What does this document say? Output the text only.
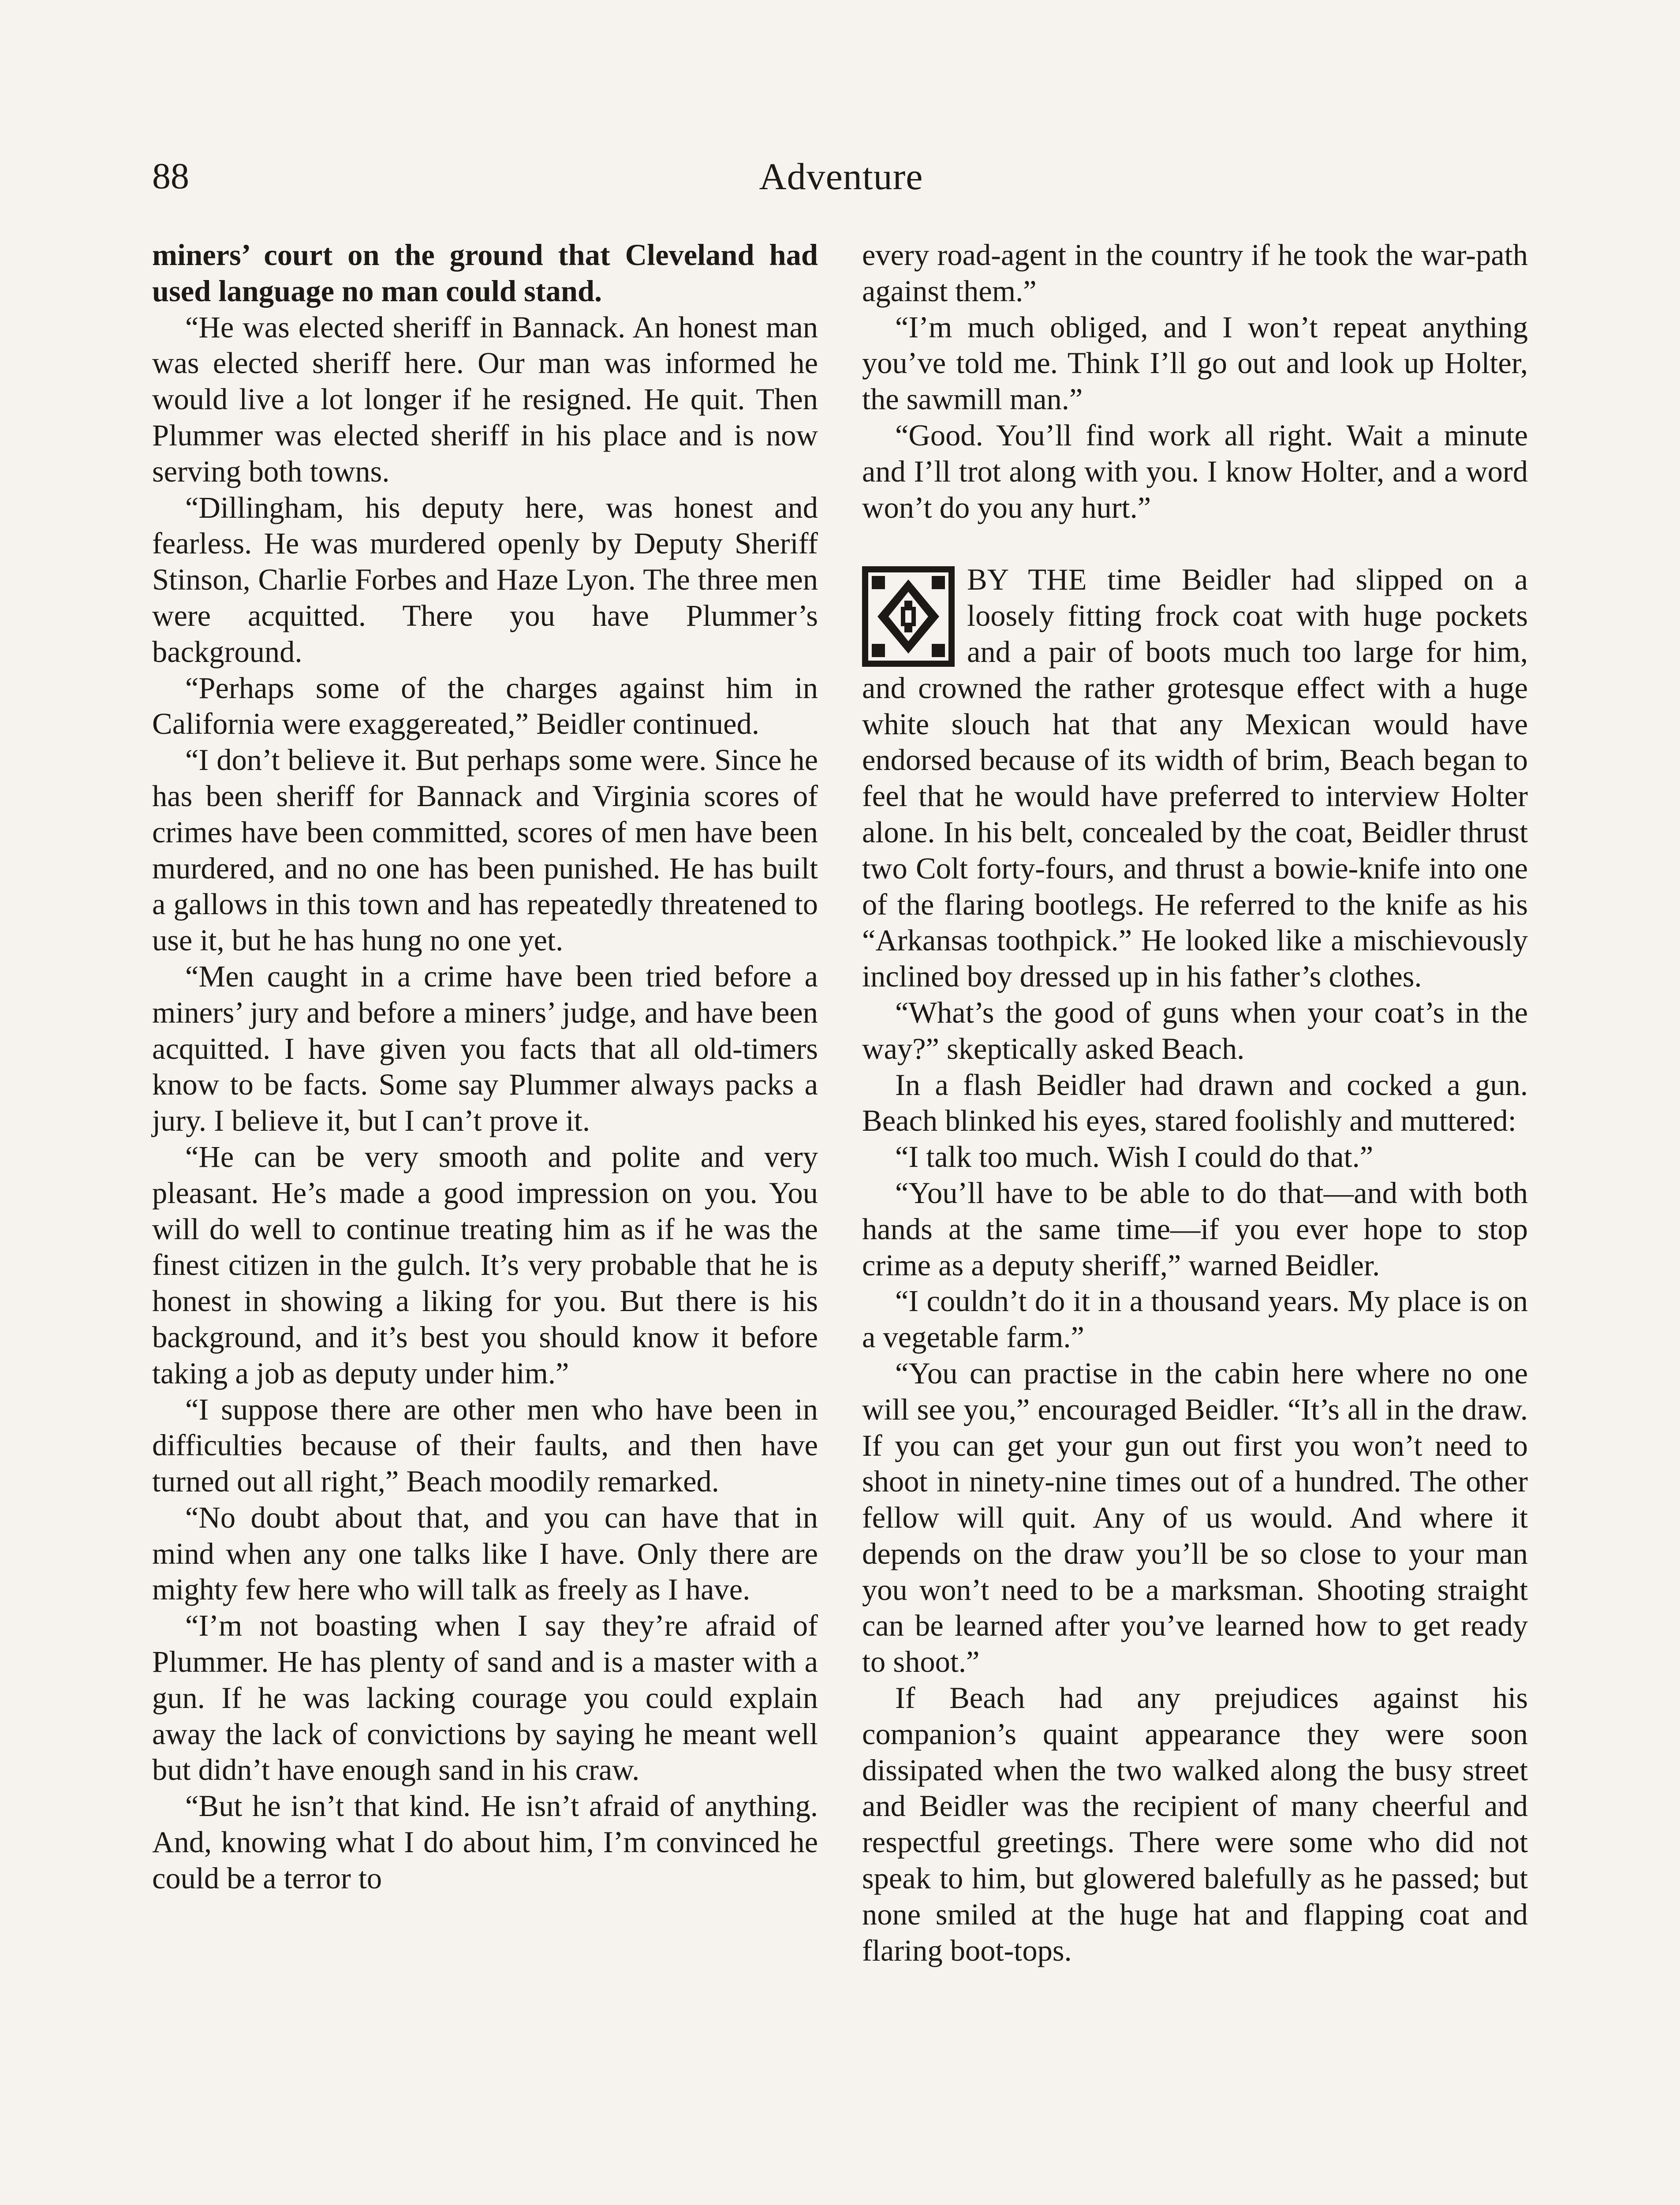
88	Adventure

miners’ court on the ground that Cleveland had used language no man could stand.

“He was elected sheriff in Bannack. An honest man was elected sheriff here. Our man was informed he would live a lot longer if he resigned. He quit. Then Plummer was elected sheriff in his place and is now serving both towns.

“Dillingham, his deputy here, was honest and fearless. He was murdered openly by Deputy Sheriff Stinson, Charlie Forbes and Haze Lyon. The three men were acquitted. There you have Plummer’s background.

“Perhaps some of the charges against him in California were exaggereated,” Beidler continued.

“I don’t believe it. But perhaps some were. Since he has been sheriff for Bannack and Virginia scores of crimes have been committed, scores of men have been murdered, and no one has been punished. He has built a gallows in this town and has repeatedly threatened to use it, but he has hung no one yet.

“Men caught in a crime have been tried before a miners’ jury and before a miners’ judge, and have been acquitted. I have given you facts that all old-timers know to be facts. Some say Plummer always packs a jury. I believe it, but I can’t prove it.

“He can be very smooth and polite and very pleasant. He’s made a good impression on you. You will do well to continue treating him as if he was the finest citizen in the gulch. It’s very probable that he is honest in showing a liking for you. But there is his background, and it’s best you should know it before taking a job as deputy under him.”

“I suppose there are other men who have been in difficulties because of their faults, and then have turned out all right,” Beach moodily remarked.

“No doubt about that, and you can have that in mind when any one talks like I have. Only there are mighty few here who will talk as freely as I have.

“I’m not boasting when I say they’re afraid of Plummer. He has plenty of sand and is a master with a gun. If he was lacking courage you could explain away the lack of convictions by saying he meant well but didn’t have enough sand in his craw.

“But he isn’t that kind. He isn’t afraid of anything. And, knowing what I do about him, I’m convinced he could be a terror to

every road-agent in the country if he took the war-path against them.”

“I’m much obliged, and I won’t repeat anything you’ve told me. Think I’ll go out and look up Holter, the sawmill man.”

“Good. You’ll find work all right. Wait a minute and I’ll trot along with you. I know Holter, and a word won’t do you any hurt.”

BY THE time Beidler had slipped on a loosely fitting frock coat with huge pockets and a pair of boots much too large for him, and crowned the rather grotesque effect with a huge white slouch hat that any Mexican would have endorsed because of its width of brim, Beach began to feel that he would have preferred to interview Holter alone. In his belt, concealed by the coat, Beidler thrust two Colt forty-fours, and thrust a bowie-knife into one of the flaring bootlegs. He referred to the knife as his “Arkansas toothpick.” He looked like a mischievously inclined boy dressed up in his father’s clothes.

“What’s the good of guns when your coat’s in the way?” skeptically asked Beach.

In a flash Beidler had drawn and cocked a gun. Beach blinked his eyes, stared foolishly and muttered:

“I talk too much. Wish I could do that.”

“You’ll have to be able to do that—and with both hands at the same time—if you ever hope to stop crime as a deputy sheriff,” warned Beidler.

“I couldn’t do it in a thousand years. My place is on a vegetable farm.”

“You can practise in the cabin here where no one will see you,” encouraged Beidler. “It’s all in the draw. If you can get your gun out first you won’t need to shoot in ninety-nine times out of a hundred. The other fellow will quit. Any of us would. And where it depends on the draw you’ll be so close to your man you won’t need to be a marksman. Shooting straight can be learned after you’ve learned how to get ready to shoot.”

If Beach had any prejudices against his companion’s quaint appearance they were soon dissipated when the two walked along the busy street and Beidler was the recipient of many cheerful and respectful greetings. There were some who did not speak to him, but glowered balefully as he passed; but none smiled at the huge hat and flapping coat and flaring boot-tops.
